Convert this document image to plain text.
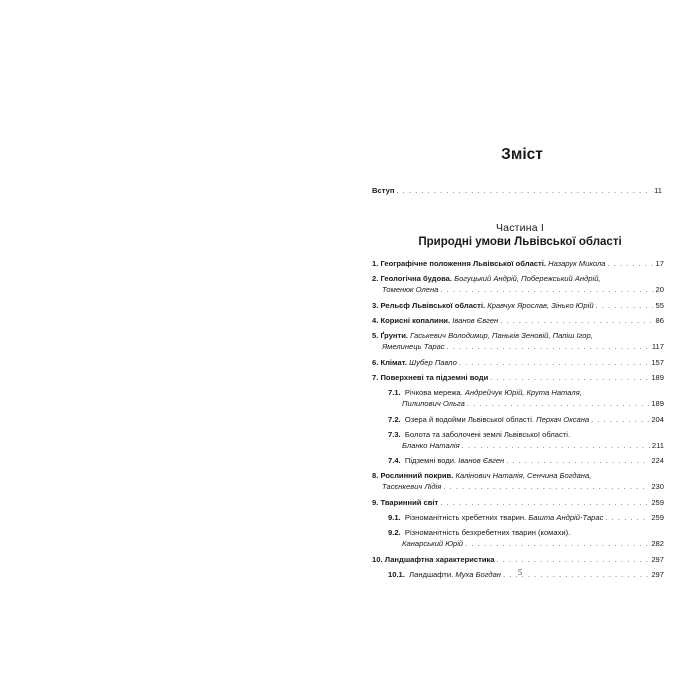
Зміст
Вступ . . .	11
Частина І
Природні умови Львівської області
1. Географічне положення Львівської області. Назарук Микола . . .	17
2. Геологічна будова. Богуцький Андрій, Побережський Андрій,
Томенюк Олена . . .	20
3. Рельєф Львівської області. Кравчук Ярослав, Зінько Юрій . . .	55
4. Корисні копалини. Іванов Євген . . .	86
5. Ґрунти. Гаськевич Володимир, Паньків Зеновій, Папіш Ігор,
Ямелинець Тарас . . .	117
6. Клімат. Шубер Павло . . .	157
7. Поверхневі та підземні води . . .	189
7.1. Річкова мережа. Андрейчук Юрій, Крута Наталя,
Пилипович Ольга . . .	189
7.2. Озера й водойми Львівської області. Перхач Оксана . . .	204
7.3. Болота та заболочені землі Львівської області.
Бланко Наталія . . .	211
7.4. Підземні води. Іванов Євген . . .	224
8. Рослинний покрив. Калінович Наталія, Сенчина Богдана,
Тасєнкевич Лідія . . .	230
9. Тваринний світ . . .	259
9.1. Різноманітність хребетних тварин. Башта Андрій-Тарас . . .	259
9.2. Різноманітність безхребетних тварин (комахи).
Канарський Юрій . . .	282
10. Ландшафтна характеристика . . .	297
10.1. Ландшафти. Муха Богдан . . .	297
5
